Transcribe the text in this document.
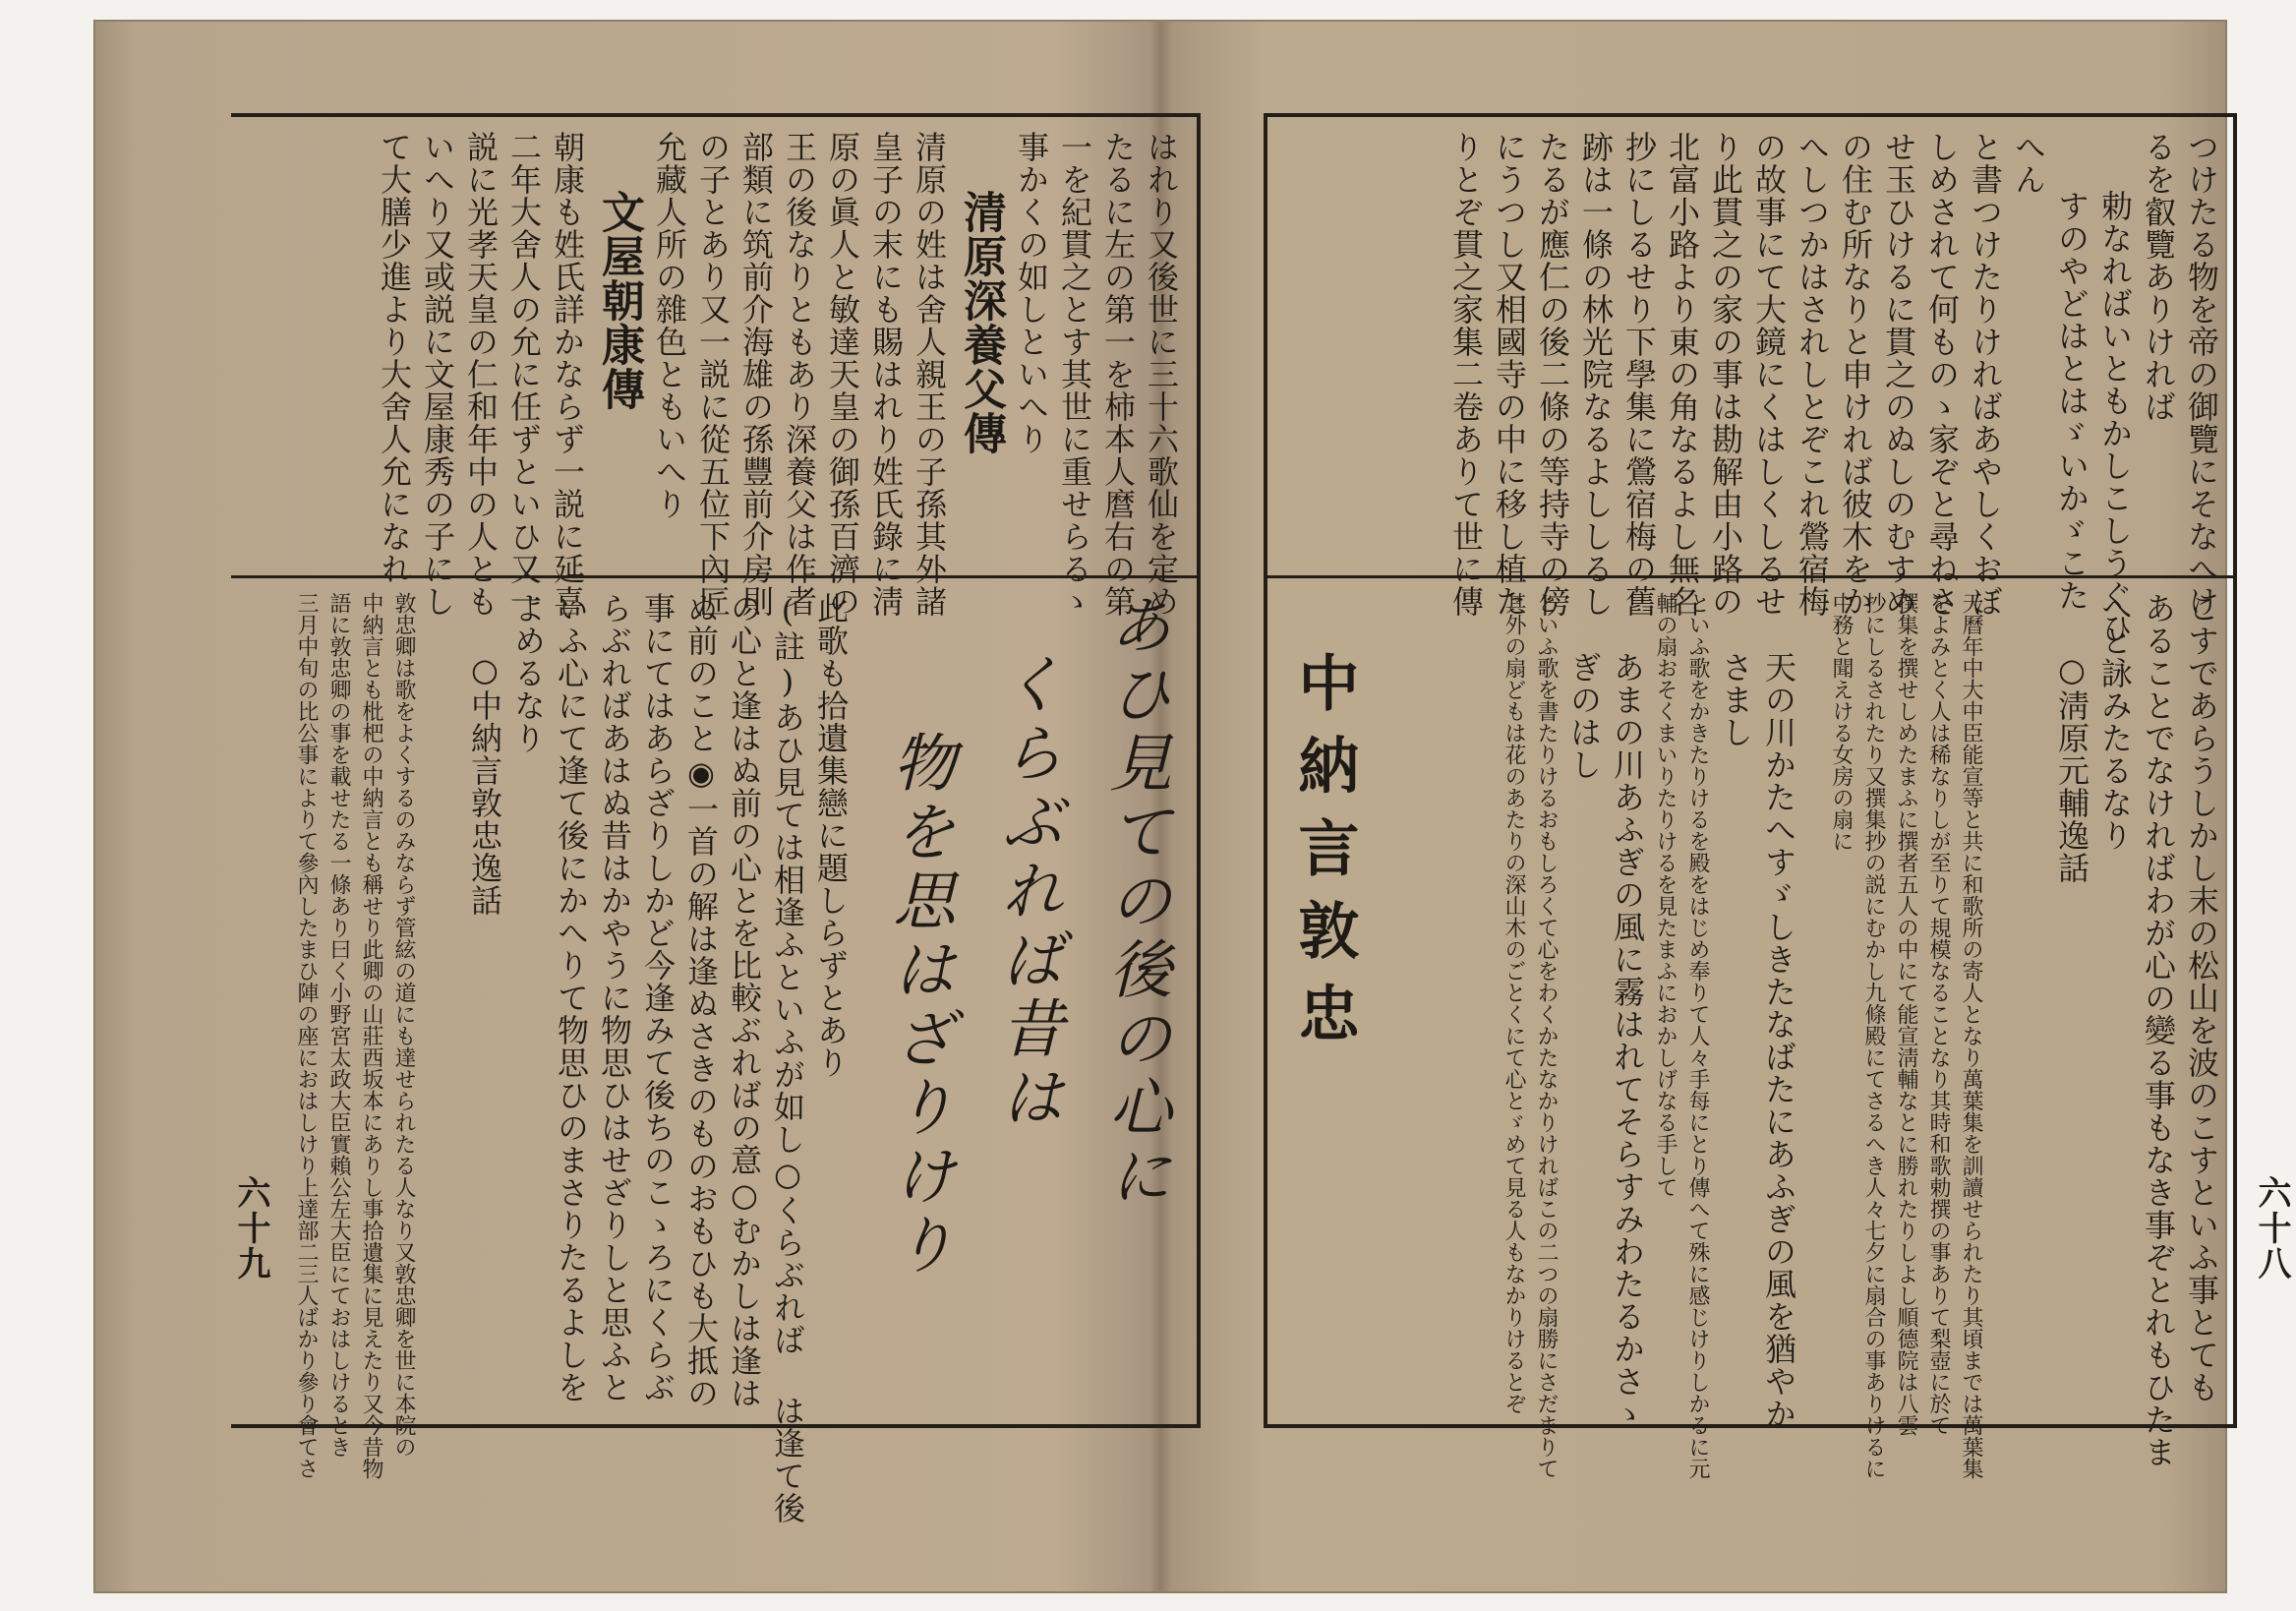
はれり又後世に三十六歌仙を定め
たるに左の第一を柿本人麿右の第
一を紀貫之とす其世に重せらるゝ
事かくの如しといへり
清原深養父傳
清原の姓は舍人親王の子孫其外諸
皇子の末にも賜はれり姓氏錄に淸
原の眞人と敏達天皇の御孫百濟の
王の後なりともあり深養父は作者
部類に筑前介海雄の孫豐前介房則
の子とあり又一説に從五位下內匠
允藏人所の雜色ともいへり
文屋朝康傳
朝康も姓氏詳かならず一説に延喜
二年大舍人の允に任ずといひ又一
説に光孝天皇の仁和年中の人とも
いへり又或説に文屋康秀の子にし
て大膳少進より大舍人允になれ
あひ見ての後の心に
くらぶれば昔は
物を思はざりけり
此歌も拾遺集戀に題しらずとあり
(註)あひ見ては相逢ふといふが如し○くらぶれば は逢て後
の心と逢はぬ前の心とを比較ぶればの意○むかしは逢は
ぬ前のこと◉一首の解は逢ぬさきのものおもひも大抵の
事にてはあらざりしかど今逢みて後ちのこゝろにくらぶ
らぶればあはぬ昔はかやうに物思ひはせざりしと思ふと
いふ心にて逢て後にかへりて物思ひのまさりたるよしを
よめるなり
○中納言敦忠逸話
敦忠卿は歌をよくするのみならず管絃の道にも達せられたる人なり又敦忠卿を世に本院の
中納言とも枇杷の中納言とも稱せり此卿の山莊西坂本にありし事拾遺集に見えたり又今昔物
語に敦忠卿の事を載せたる一條あり曰く小野宮太政大臣實賴公左大臣にておはしけるとき
三月中旬の比公事によりて參內したまひ陣の座におはしけり上達部二三人ばかり參り會てさ
六十九
つけたる物を帝の御覽にそなへけ
るを叡覽ありければ
勅なればいともかしこしうぐひ
すのやどはとはゞいかゞこた
へん
と書つけたりければあやしくおぼ
しめされて何ものゝ家ぞと尋ねさ
せ玉ひけるに貫之のぬしのむすめ
の住む所なりと申ければ彼木をか
へしつかはされしとぞこれ鶯宿梅
の故事にて大鏡にくはしくしるせ
り此貫之の家の事は勘解由小路の
北富小路より東の角なるよし無名
抄にしるせり下學集に鶯宿梅の舊
跡は一條の林光院なるよししるし
たるが應仁の後二條の等持寺の傍
にうつし又相國寺の中に移し植た
りとぞ貫之家集二卷ありて世に傳
こすであらうしかし末の松山を波のこすといふ事とても
あることでなければわが心の變る事もなき事ぞとれもひたま
へと詠みたるなり
○淸原元輔逸話
天曆年中大中臣能宣等と共に和歌所の寄人となり萬葉集を訓讀せられたり其頃までは萬葉集
をよみとく人は稀なりしが至りて規模なることなり其時和歌勅撰の事ありて梨壺に於て
撰集を撰せしめたまふに撰者五人の中にて能宣淸輔なとに勝れたりしよし順德院は八雲
抄にしるされたり又撰集抄の説にむかし九條殿にてさるへき人々七夕に扇合の事ありけるに
中務と聞えける女房の扇に
天の川かたへすゞしきたなばたにあふぎの風を猶やか
さまし
といふ歌をかきたりけるを殿をはじめ奉りて人々手每にとり傳へて殊に感じけりしかるに元
輔の扇おそくまいりたりけるを見たまふにおかしげなる手して
あまの川あふぎの風に霧はれてそらすみわたるかさゝ
ぎのはし
といふ歌を書たりけるおもしろくて心をわくかたなかりければこの二つの扇勝にさだまりて
其外の扇どもは花のあたりの深山木のごとくにて心とゞめて見る人もなかりけるとぞ
中納言敦忠
六十八
